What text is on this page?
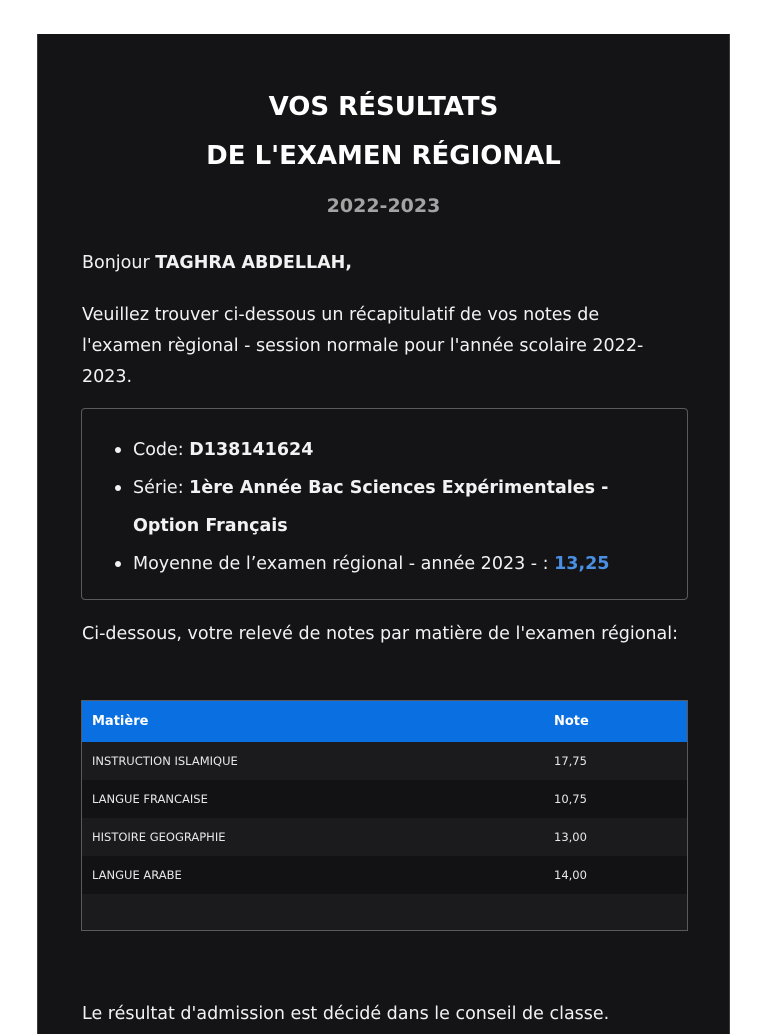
VOS RÉSULTATS
DE L'EXAMEN RÉGIONAL
2022-2023
Bonjour TAGHRA ABDELLAH,
Veuillez trouver ci-dessous un récapitulatif de vos notes de l'examen règional - session normale pour l'année scolaire 2022-2023.
Code: D138141624
Série: 1ère Année Bac Sciences Expérimentales - Option Français
Moyenne de l’examen régional - année 2023 - : 13,25
Ci-dessous, votre relevé de notes par matière de l'examen régional:
Matière	Note
INSTRUCTION ISLAMIQUE	17,75
LANGUE FRANCAISE	10,75
HISTOIRE GEOGRAPHIE	13,00
LANGUE ARABE	14,00
Le résultat d'admission est décidé dans le conseil de classe.
